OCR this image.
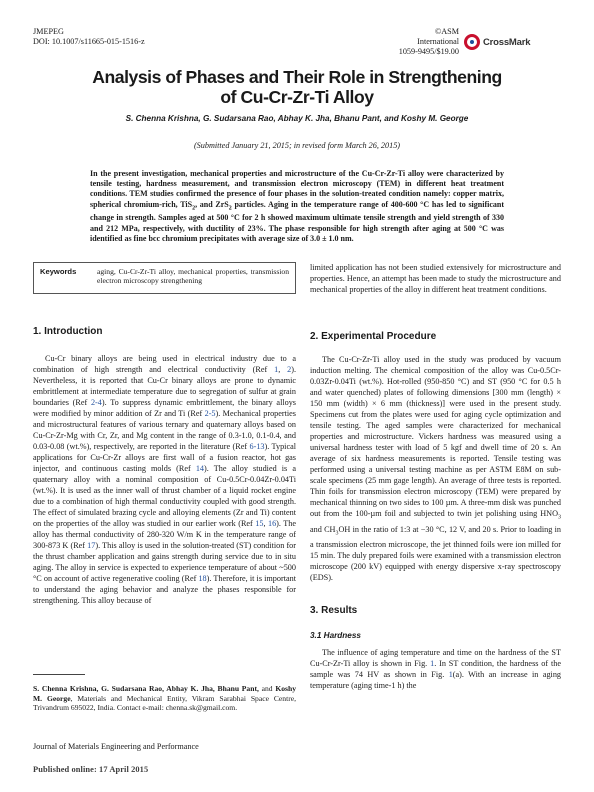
JMEPEG
DOI: 10.1007/s11665-015-1516-z
©ASM International
1059-9495/$19.00
CrossMark
Analysis of Phases and Their Role in Strengthening
of Cu-Cr-Zr-Ti Alloy
S. Chenna Krishna, G. Sudarsana Rao, Abhay K. Jha, Bhanu Pant, and Koshy M. George
(Submitted January 21, 2015; in revised form March 26, 2015)
In the present investigation, mechanical properties and microstructure of the Cu-Cr-Zr-Ti alloy were characterized by tensile testing, hardness measurement, and transmission electron microscopy (TEM) in different heat treatment conditions. TEM studies confirmed the presence of four phases in the solution-treated condition namely: copper matrix, spherical chromium-rich, TiS$_2$, and ZrS$_2$ particles. Aging in the temperature range of 400-600 °C has led to significant change in strength. Samples aged at 500 °C for 2 h showed maximum ultimate tensile strength and yield strength of 330 and 212 MPa, respectively, with ductility of 23%. The phase responsible for high strength after aging at 500 °C was identified as fine bcc chromium precipitates with average size of 3.0 ± 1.0 nm.
Keywords	aging, Cu-Cr-Zr-Ti alloy, mechanical properties, transmission electron microscopy strengthening
1. Introduction
Cu-Cr binary alloys are being used in electrical industry due to a combination of high strength and electrical conductivity (Ref 1, 2). Nevertheless, it is reported that Cu-Cr binary alloys are prone to dynamic embrittlement at intermediate temperature due to segregation of sulfur at grain boundaries (Ref 2-4). To suppress dynamic embrittlement, the binary alloys were modified by minor addition of Zr and Ti (Ref 2-5). Mechanical properties and microstructural features of various ternary and quaternary alloys based on Cu-Cr-Zr-Mg with Cr, Zr, and Mg content in the range of 0.3-1.0, 0.1-0.4, and 0.03-0.08 (wt.%), respectively, are reported in the literature (Ref 6-13). Typical applications for Cu-Cr-Zr alloys are first wall of a fusion reactor, hot gas injector, and continuous casting molds (Ref 14). The alloy studied is a quaternary alloy with a nominal composition of Cu-0.5Cr-0.04Zr-0.04Ti (wt.%). It is used as the inner wall of thrust chamber of a liquid rocket engine due to a combination of high thermal conductivity coupled with good strength. The effect of simulated brazing cycle and alloying elements (Zr and Ti) content on the properties of the alloy was studied in our earlier work (Ref 15, 16). The alloy has thermal conductivity of 280-320 W/m K in the temperature range of 300-873 K (Ref 17). This alloy is used in the solution-treated (ST) condition for the thrust chamber application and gains strength during service due to in situ aging. The alloy in service is expected to experience temperature of about ~500 °C on account of active regenerative cooling (Ref 18). Therefore, it is important to understand the aging behavior and analyze the phases responsible for strengthening. This alloy because of
S. Chenna Krishna, G. Sudarsana Rao, Abhay K. Jha, Bhanu Pant, and Koshy M. George, Materials and Mechanical Entity, Vikram Sarabhai Space Centre, Trivandrum 695022, India. Contact e-mail: chenna.sk@gmail.com.
Journal of Materials Engineering and Performance
Published online: 17 April 2015
limited application has not been studied extensively for microstructure and properties. Hence, an attempt has been made to study the microstructure and mechanical properties of the alloy in different heat treatment conditions.
2. Experimental Procedure
The Cu-Cr-Zr-Ti alloy used in the study was produced by vacuum induction melting. The chemical composition of the alloy was Cu-0.5Cr-0.03Zr-0.04Ti (wt.%). Hot-rolled (950-850 °C) and ST (950 °C for 0.5 h and water quenched) plates of following dimensions [300 mm (length) × 150 mm (width) × 6 mm (thickness)] were used in the present study. Specimens cut from the plates were used for aging cycle optimization and tensile testing. The aged samples were characterized for mechanical properties and microstructure. Vickers hardness was measured using a universal hardness tester with load of 5 kgf and dwell time of 20 s. An average of six hardness measurements is reported. Tensile testing was performed using a universal testing machine as per ASTM E8M on sub-scale specimens (25 mm gage length). An average of three tests is reported. Thin foils for transmission electron microscopy (TEM) were prepared by mechanical thinning on two sides to 100 µm. A three-mm disk was punched out from the 100-µm foil and subjected to twin jet polishing using $HNO_3$ and $CH_3OH$ in the ratio of 1:3 at −30 °C, 12 V, and 20 s. Prior to loading in a transmission electron microscope, the jet thinned foils were ion milled for 15 min. The duly prepared foils were examined with a transmission electron microscope (200 kV) equipped with energy dispersive x-ray spectroscopy (EDS).
3. Results
3.1 Hardness
The influence of aging temperature and time on the hardness of the ST Cu-Cr-Zr-Ti alloy is shown in Fig. 1. In ST condition, the hardness of the sample was 74 HV as shown in Fig. 1(a). With an increase in aging temperature (aging time-1 h) the
